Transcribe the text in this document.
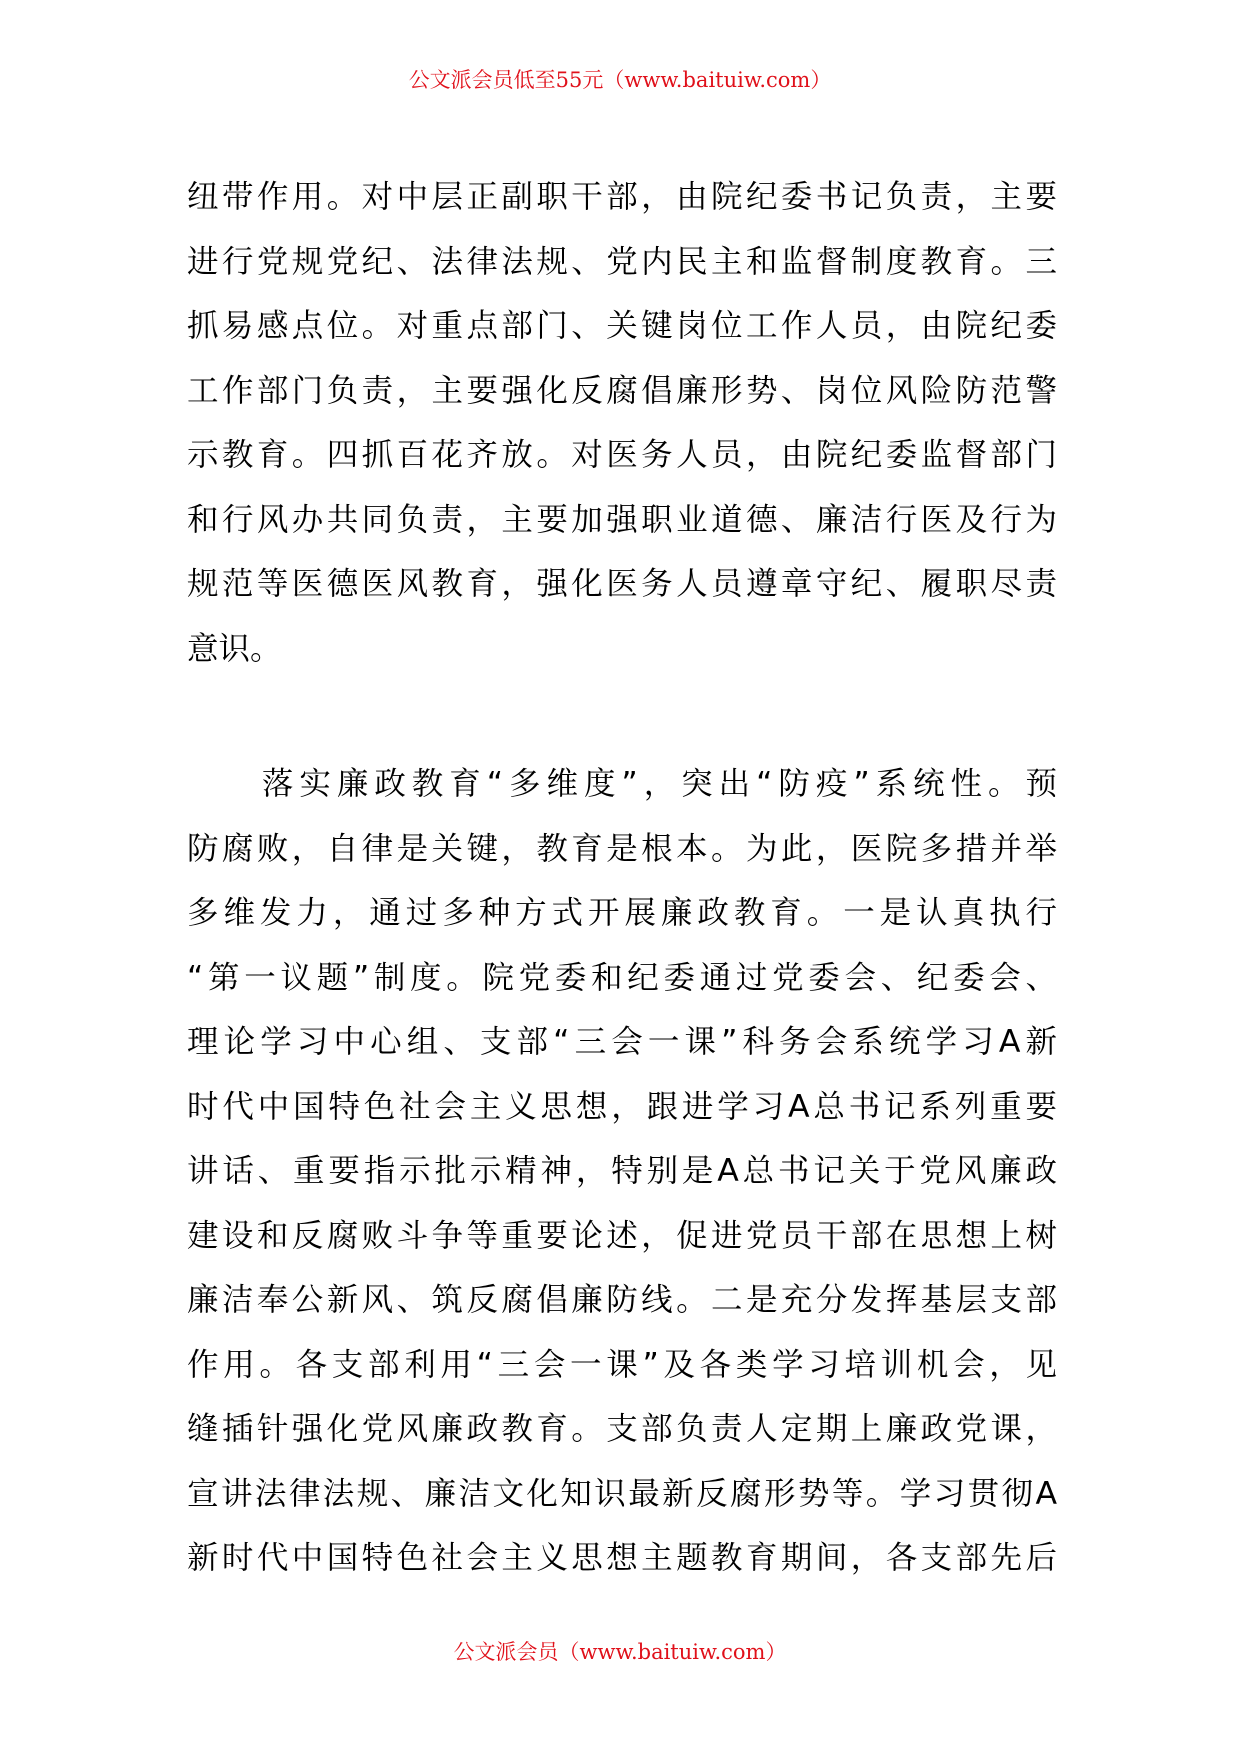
公文派会员低至55元（www.baituiw.com）
纽带作用。对中层正副职干部，由院纪委书记负责，主要
进行党规党纪、法律法规、党内民主和监督制度教育。三
抓易感点位。对重点部门、关键岗位工作人员，由院纪委
工作部门负责，主要强化反腐倡廉形势、岗位风险防范警
示教育。四抓百花齐放。对医务人员，由院纪委监督部门
和行风办共同负责，主要加强职业道德、廉洁行医及行为
规范等医德医风教育，强化医务人员遵章守纪、履职尽责
意识。
　　落实廉政教育“多维度”，突出“防疫”系统性。预
防腐败，自律是关键，教育是根本。为此，医院多措并举
多维发力，通过多种方式开展廉政教育。一是认真执行
“第一议题”制度。院党委和纪委通过党委会、纪委会、
理论学习中心组、支部“三会一课”科务会系统学习A新
时代中国特色社会主义思想，跟进学习A总书记系列重要
讲话、重要指示批示精神，特别是A总书记关于党风廉政
建设和反腐败斗争等重要论述，促进党员干部在思想上树
廉洁奉公新风、筑反腐倡廉防线。二是充分发挥基层支部
作用。各支部利用“三会一课”及各类学习培训机会，见
缝插针强化党风廉政教育。支部负责人定期上廉政党课，
宣讲法律法规、廉洁文化知识最新反腐形势等。学习贯彻A
新时代中国特色社会主义思想主题教育期间，各支部先后
公文派会员（www.baituiw.com）
